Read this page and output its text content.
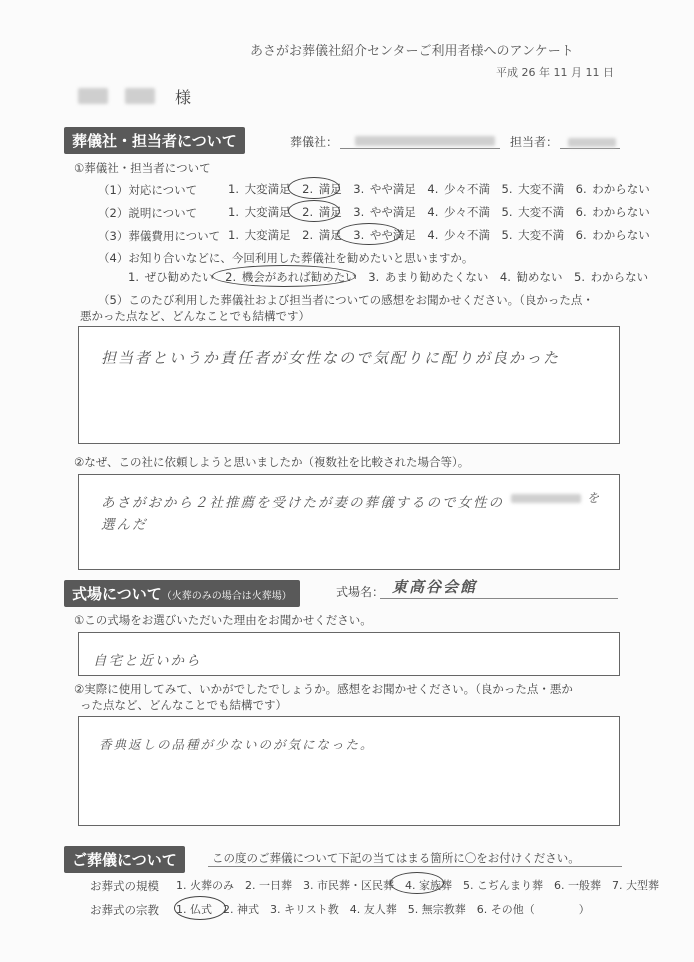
あさがお葬儀社紹介センターご利用者様へのアンケート
平成 26 年 11 月 11 日
様
葬儀社・担当者について	葬儀社：	担当者：
①葬儀社・担当者について
（1）対応について	1. 大変満足　2. 満足　3. やや満足　4. 少々不満　5. 大変不満　6. わからない
（2）説明について	1. 大変満足　2. 満足　3. やや満足　4. 少々不満　5. 大変不満　6. わからない
（3）葬儀費用について 1. 大変満足　2. 満足　3. やや満足　4. 少々不満　5. 大変不満　6. わからない
（4）お知り合いなどに、今回利用した葬儀社を勧めたいと思いますか。
1. ぜひ勧めたい　2. 機会があれば勧めたい　3. あまり勧めたくない　4. 勧めない　5. わからない
（5）このたび利用した葬儀社および担当者についての感想をお聞かせください。（良かった点・
悪かった点など、どんなことでも結構です）
担当者というか責任者が女性なので気配りに配りが良かった
②なぜ、この社に依頼しようと思いましたか（複数社を比較された場合等）。
あさがおから２社推薦を受けたが妻の葬儀するので女性の	を
選んだ
式場について（火葬のみの場合は火葬場）	式場名： 東高谷会館
①この式場をお選びいただいた理由をお聞かせください。
自宅と近いから
②実際に使用してみて、いかがでしたでしょうか。感想をお聞かせください。（良かった点・悪か
った点など、どんなことでも結構です）
香典返しの品種が少ないのが気になった。
ご葬儀について	この度のご葬儀について下記の当てはまる箇所に〇をお付けください。
お葬式の規模 1. 火葬のみ　2. 一日葬　3. 市民葬・区民葬　4. 家族葬　5. こぢんまり葬　6. 一般葬　7. 大型葬
お葬式の宗教 1. 仏式　2. 神式　3. キリスト教　4. 友人葬　5. 無宗教葬　6. その他（　　　　）
